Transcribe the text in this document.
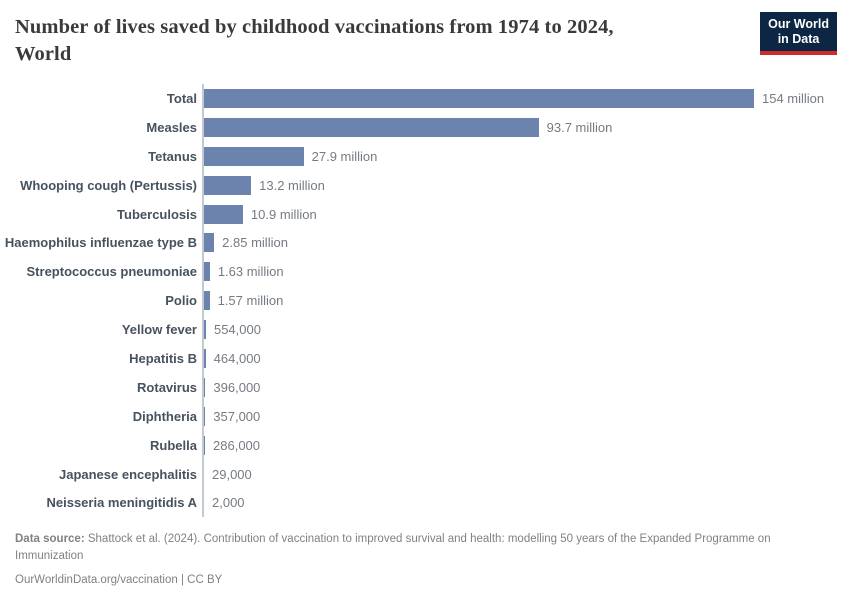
Number of lives saved by childhood vaccinations from 1974 to 2024,
World
Our World
in Data
Total	154 million
Measles	93.7 million
Tetanus	27.9 million
Whooping cough (Pertussis)	13.2 million
Tuberculosis	10.9 million
Haemophilus influenzae type B 2.85 million
Streptococcus pneumoniae 1.63 million
Polio 1.57 million
Yellow fever 554,000
Hepatitis B 464,000
Rotavirus 396,000
Diphtheria 357,000
Rubella 286,000
Japanese encephalitis 29,000
Neisseria meningitidis A 2,000
Data source: Shattock et al. (2024). Contribution of vaccination to improved survival and health: modelling 50 years of the Expanded Programme on Immunization
OurWorldinData.org/vaccination | CC BY
